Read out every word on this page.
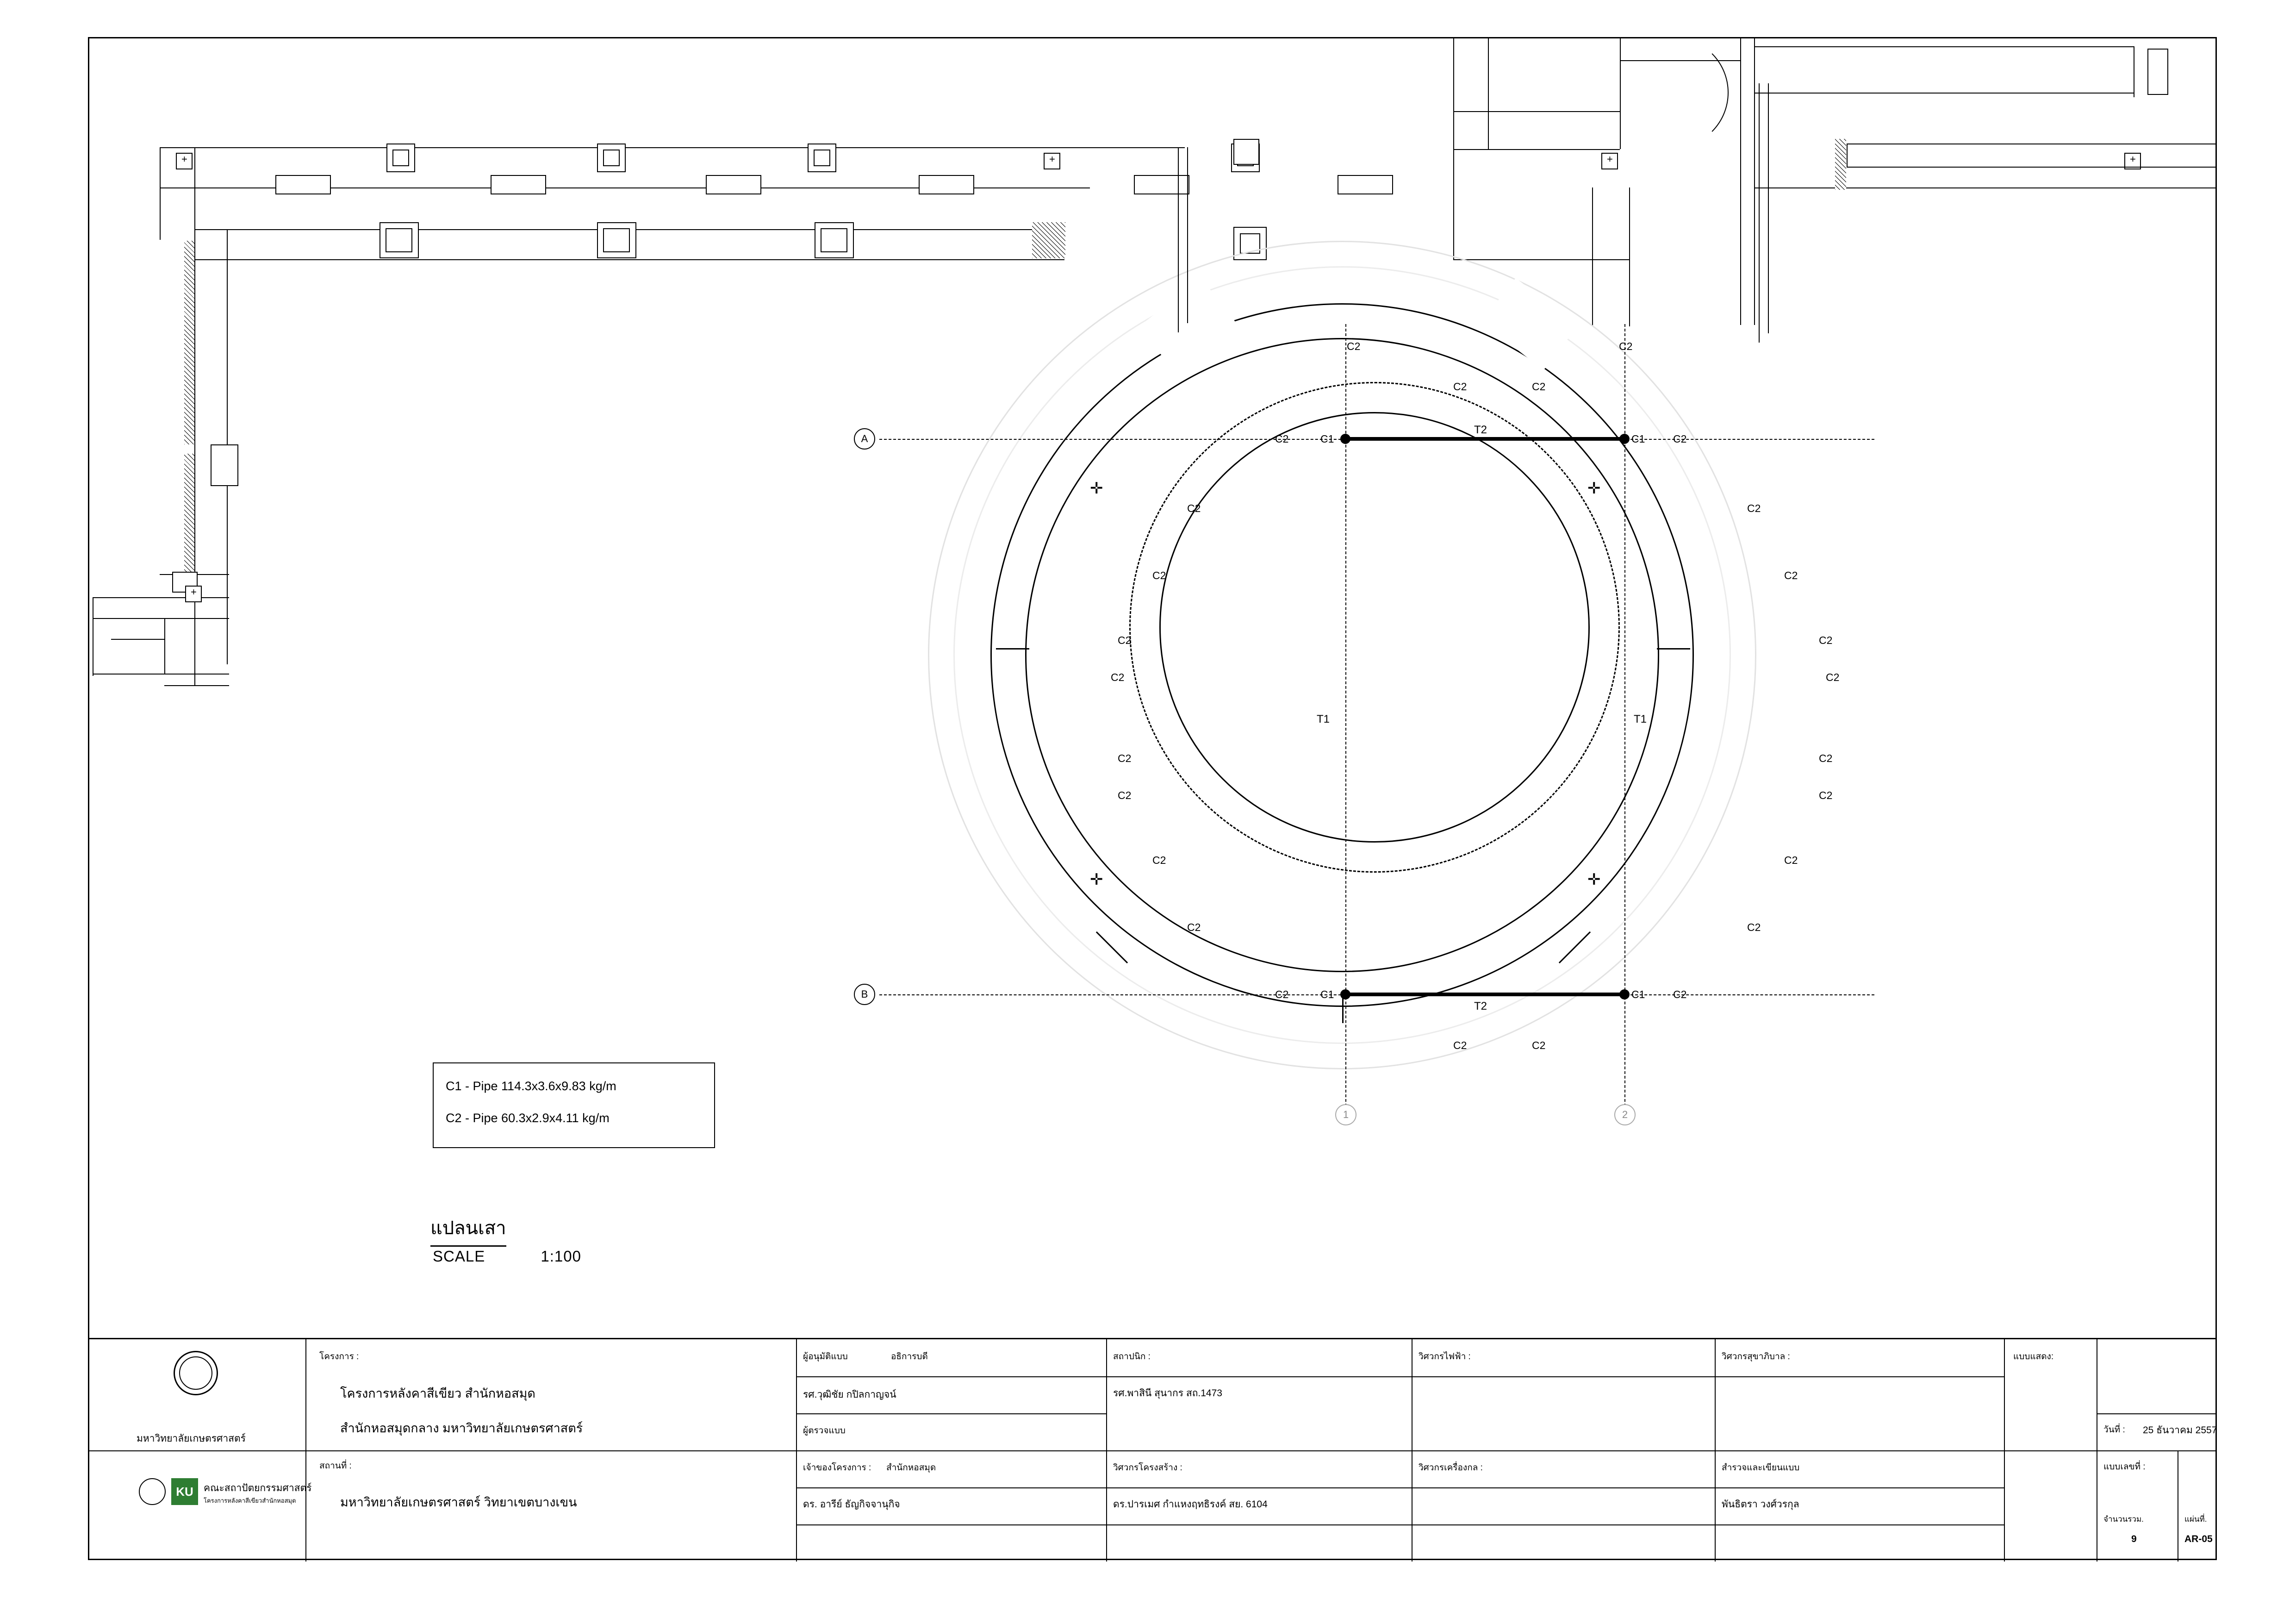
+	+	+	+
+
✛	✛
✛	✛
A
B
1	2
T2
T2
T1	T1
C1	C1
C1	C1
C2	C2
C2	C2
C2	C2
C2	C2
C2	C2
C2	C2
C2	C2
C2	C2
C2	C2
C2	C2
C2	C2
C2	C2
C2	C2
C1 - Pipe 114.3x3.6x9.83 kg/m
C2 - Pipe 60.3x2.9x4.11 kg/m
แปลนเสา
SCALE	1:100
มหาวิทยาลัยเกษตรศาสตร์
KU คณะสถาปัตยกรรมศาสตร์
โครงการหลังคาสีเขียวสำนักหอสมุด
โครงการ :
โครงการหลังคาสีเขียว สำนักหอสมุด
สำนักหอสมุดกลาง มหาวิทยาลัยเกษตรศาสตร์
สถานที่ :
มหาวิทยาลัยเกษตรศาสตร์ วิทยาเขตบางเขน
ผู้อนุมัติแบบ	อธิการบดี
รศ.วุฒิชัย กปิลกาญจน์
ผู้ตรวจแบบ
เจ้าของโครงการ : สำนักหอสมุด
ดร. อารีย์ ธัญกิจจานุกิจ
สถาปนิก :
รศ.พาสินี สุนากร สถ.1473
วิศวกรโครงสร้าง :
ดร.ปารเมศ กำแหงฤทธิรงค์ สย. 6104
วิศวกรไฟฟ้า :
วิศวกรเครื่องกล :
วิศวกรสุขาภิบาล :
สำรวจและเขียนแบบ
พันธิตรา วงศ์วรกุล
แบบแสดง:
วันที่ : 25 ธันวาคม 2557
แบบเลขที่ :
จำนวนรวม.
9
แผ่นที่.
AR-05
